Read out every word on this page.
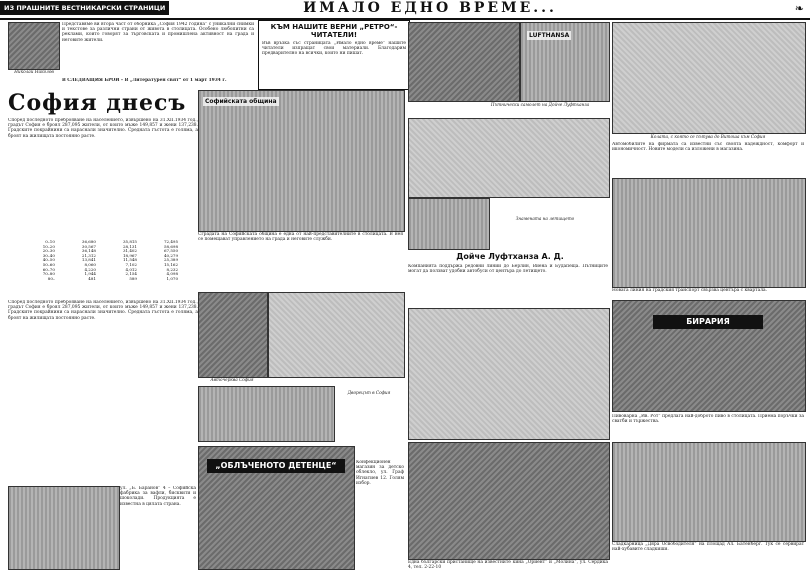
ИЗ ПРАШНИТЕ ВЕСТНИКАРСКИ СТРАНИЦИ	ИМАЛО ЕДНО ВРЕМЕ...	❧
Николай Николов
Представяме ви втора част от оборника „София 1942 година“ с уникални снимки и текстове за различни страни от живота в столицата. Особено любопитни са реклами, които говорят за търговската и промишлена активност на града и неговите жители.
В СЛЕДВАЩИЯ БРОЙ – В „Литературен свят“ от 1 март 1934 г.
КЪМ НАШИТЕ ВЕРНИ „РЕТРО“-ЧИТАТЕЛИ!
Във връзка със страницата „Имало едно време“ нашите читатели изпращат свои материали. Благодарим предварително на всички, които ни пишат.
София днесъ
Според последното преброяване на населението, извършено на 31.XII.1934 год., градът София е броял 287,095 жители, от които мъже 149,857 и жени 137,238. Градските покрайнини са нараснали значително. Средната гъстота е голяма, а броят на жилищата постоянно расте.
0–10	36,680	35,815	72,495
10–20	30,567	28,131	58,698
20–30	36,148	31,402	67,550
30–40	21,312	18,967	40,279
40–50	13,841	11,548	25,389
50–60	8,060	7,102	15,162
60–70	4,220	4,012	8,232
70–80	1,944	2,154	4,098
80–	481	589	1,070
Според последното преброяване на населението, извършено на 31.XII.1934 год., градът София е броял 287,095 жители, от които мъже 149,857 и жени 137,238. Градските покрайнини са нараснали значително. Средната гъстота е голяма, а броят на жилищата постоянно расте.
Софийската община
Сградата на Софийската община е една от най-представителните в столицата. В нея се помещават управлението на града и неговите служби.
Авточерква София
Дворецът в София
„ОБЛЪЧЕНОТО ДЕТЕНЦЕ“	Конфекционен магазин за детско облекло, ул. Граф Игнатиев 12. Голям избор.
ул. „Б. Баранов“ 4 – Софийска фабрика за вафли, бисквити и шоколади. Продукцията е известна в цялата страна.
LUFTHANSA
Пътнически самолет на Дойче Луфтханза
Знамената на летището
Дойче Луфтханза А. Д.
Компанията поддържа редовни линии до Берлин, Виена и Будапеща. Пътниците могат да ползват удобни автобуси от центъра до летището.
Една български пристанище на известните кина „Ориент“ и „Молина“, ул. Сердика 4, тел. 2-22-10
Колата, с която се пътува до Витоша към София
Автомобилите на фирмата са известни със своята надеждност, комфорт и икономичност. Новите модели са изложени в магазина.
Новата линия на градския транспорт свързва центъра с квартала.
БИРАРИЯ
Пивоварна „Ив. Рот“ предлага най-доброто пиво в столицата. Приема поръчки за сватби и тържества.
Сладкарница „Дяра Освободителя“ на площад Ал. Батенберг. Тук се сервират най-хубавите сладкиши.
